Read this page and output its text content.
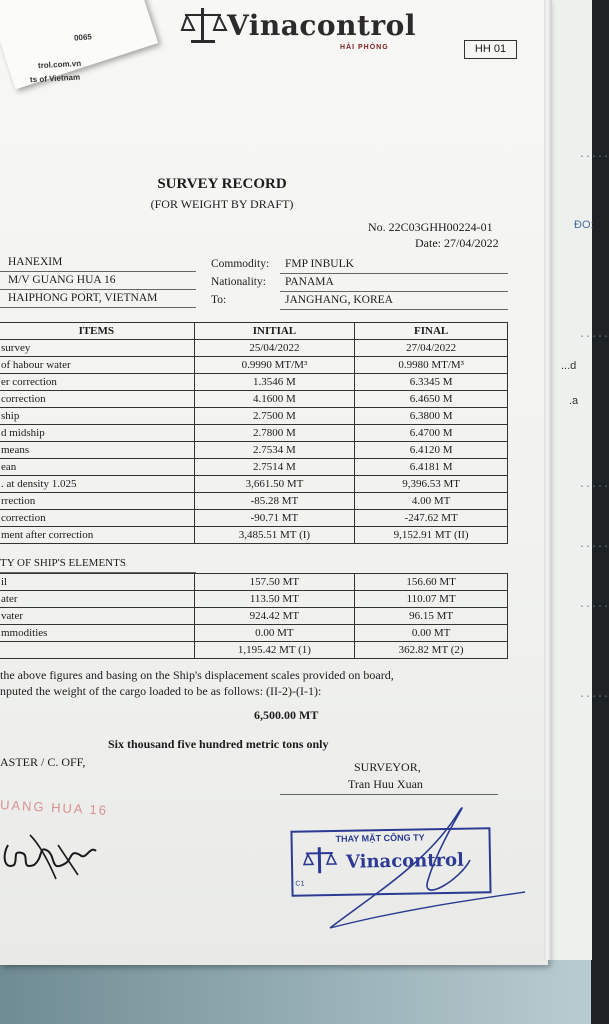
ĐO:
...d
.a
.....
.....
.....
.....
.....
.....
0065
trol.com.vn
ts of Vietnam
Vinacontrol
HẢI PHÒNG	HH 01
SURVEY RECORD
(FOR WEIGHT BY DRAFT)
No. 22C03GHH00224-01
Date: 27/04/2022
HANEXIM
M/V GUANG HUA 16
HAIPHONG PORT, VIETNAM
Commodity: FMP INBULK
Nationality: PANAMA
To:	JANGHANG, KOREA
ITEMS	INITIAL	FINAL
survey	25/04/2022	27/04/2022
of habour water	0.9990 MT/M³	0.9980 MT/M³
er correction	1.3546 M	6.3345 M
correction	4.1600 M	6.4650 M
ship	2.7500 M	6.3800 M
d midship	2.7800 M	6.4700 M
means	2.7534 M	6.4120 M
ean	2.7514 M	6.4181 M
. at density 1.025	3,661.50 MT	9,396.53 MT
rrection	-85.28 MT	4.00 MT
correction	-90.71 MT	-247.62 MT
ment after correction	3,485.51 MT (I)	9,152.91 MT (II)
TY OF SHIP'S ELEMENTS
il	157.50 MT	156.60 MT
ater	113.50 MT	110.07 MT
vater	924.42 MT	96.15 MT
mmodities	0.00 MT	0.00 MT
	1,195.42 MT (1)	362.82 MT (2)
the above figures and basing on the Ship's displacement scales provided on board,
nputed the weight of the cargo loaded to be as follows: (II-2)-(I-1):
6,500.00 MT
Six thousand five hundred metric tons only
ASTER / C. OFF,	SURVEYOR,
Tran Huu Xuan
UANG HUA 16
THAY MẶT CÔNG TY
Vinacontrol
C1
